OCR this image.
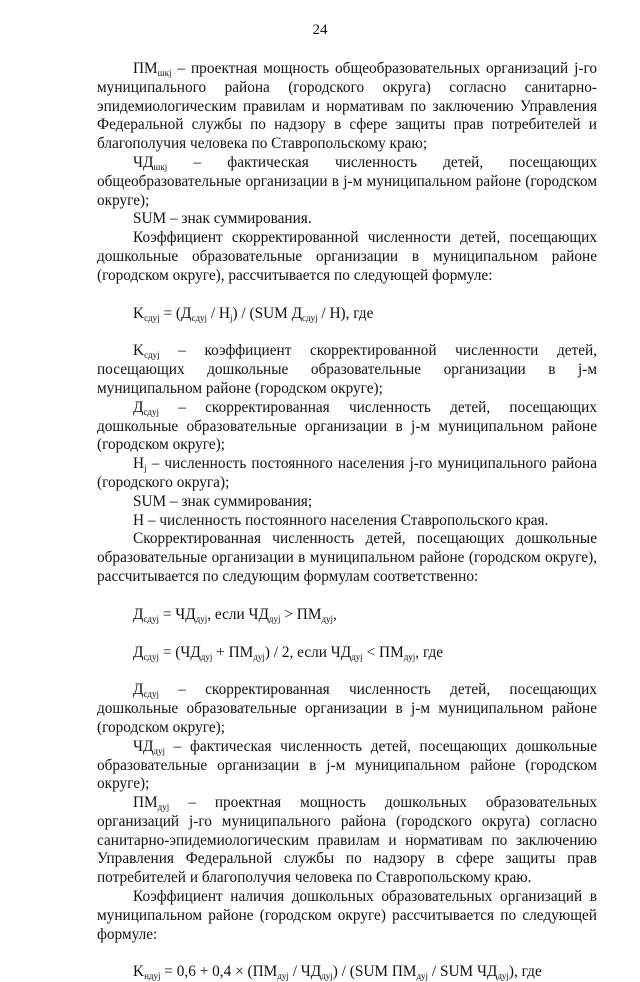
24

$ПМ_{шкj}$ – проектная мощность общеобразовательных организаций j-го муниципального района (городского округа) согласно санитарно-эпидемиологическим правилам и нормативам по заключению Управления Федеральной службы по надзору в сфере защиты прав потребителей и благополучия человека по Ставропольскому краю;

$ЧД_{шкj}$ – фактическая численность детей, посещающих общеобразовательные организации в j-м муниципальном районе (городском округе);

SUM – знак суммирования.

Коэффициент скорректированной численности детей, посещающих дошкольные образовательные организации в муниципальном районе (городском округе), рассчитывается по следующей формуле:

$K_{сдуj} = (Д_{сдуj} / H_j) / (SUM$ $Д_{сдуj} / H$), где

$K_{сдуj}$ – коэффициент скорректированной численности детей, посещающих дошкольные образовательные организации в j-м муниципальном районе (городском округе);

$Д_{сдуj}$ – скорректированная численность детей, посещающих дошкольные образовательные организации в j-м муниципальном районе (городском округе);

$H_j$ – численность постоянного населения j-го муниципального района (городского округа);

SUM – знак суммирования;

H – численность постоянного населения Ставропольского края.

Скорректированная численность детей, посещающих дошкольные образовательные организации в муниципальном районе (городском округе), рассчитывается по следующим формулам соответственно:

$Д_{сдуj} = ЧД_{дуj}$, если $ЧД_{дуj} > ПМ_{дуj}$,

$Д_{сдуj} = (ЧД_{дуj} + ПМ_{дуj}) / 2$, если $ЧД_{дуj} < ПМ_{дуj}$, где

$Д_{сдуj}$ – скорректированная численность детей, посещающих дошкольные образовательные организации в j-м муниципальном районе (городском округе);

$ЧД_{дуj}$ – фактическая численность детей, посещающих дошкольные образовательные организации в j-м муниципальном районе (городском округе);

$ПМ_{дуj}$ – проектная мощность дошкольных образовательных организаций j-го муниципального района (городского округа) согласно санитарно-эпидемиологическим правилам и нормативам по заключению Управления Федеральной службы по надзору в сфере защиты прав потребителей и благополучия человека по Ставропольскому краю.

Коэффициент наличия дошкольных образовательных организаций в муниципальном районе (городском округе) рассчитывается по следующей формуле:

$K_{ндуj} = 0,6 + 0,4 \times (ПМ_{дуj} / ЧД_{дуj}) / (SUM$ $ПМ_{дуj}$ / SUM $ЧД_{дуj}$), где
